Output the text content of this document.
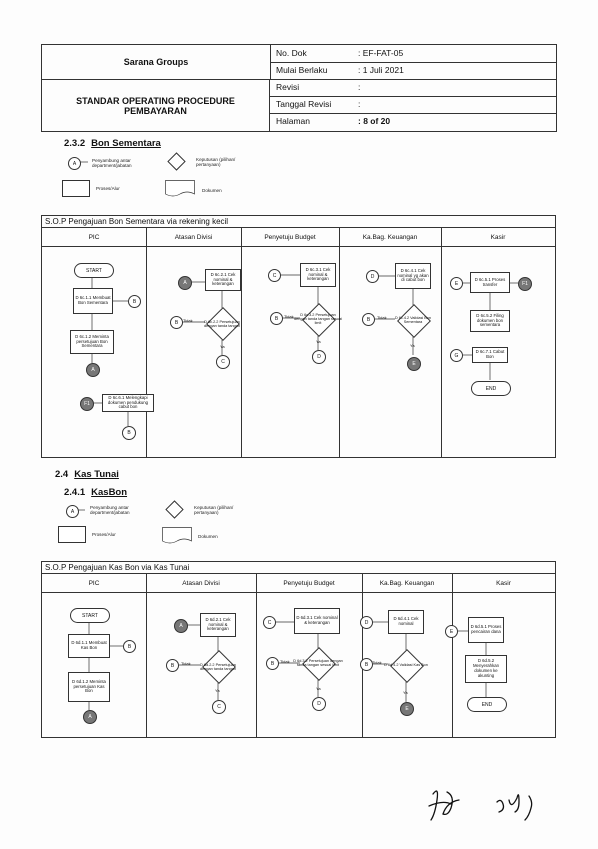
Sarana Groups
STANDAR OPERATING PROCEDURE PEMBAYARAN
No. Dok	: EF-FAT-05
Mulai Berlaku	: 1 Juli 2021
Revisi	:
Tanggal Revisi	:
Halaman	: 8 of 20
2.3.2 Bon Sementara
A	Penyambung antar department/jabatan
Keputusan (pilihan/ pertanyaan)
Proses/Alur	Dokumen
S.O.P Pengajuan Bon Sementara via rekening kecil
PIC	Atasan Divisi	Penyetuju Budget	Ka.Bag. Keuangan	Kasir
START
D 6c.1.1 Membuat Bon Sementara	B
D 6c.1.2 Meminta persetujuan Bon Sementara
A
F1
D 6c.6.1 Melengkapi dokumen pendukung cabut bon
B
A
D 6c.2.1 Cek nominal & keterangan
D 6c.2.2 Persetujuan dengan tanda tangan
B	Tidak
Ya
C
C
D 6c.3.1 Cek nominal & keterangan
D 6c.3.2 Persetujuan dengan tanda tangan sesuai limit
B	Tidak
Ya
D
D
D 6c.4.1 Cek nominal yg akan di cabut bon
D 6c.4.2 Validasi Bon Sementara
B	Tidak
Ya
E
E
D 6c.5.1 Proses transfer	F1
D 6c.5.2 Filing dokumen bon sementara
G
D 6c.7.1 Cabut Bon
END
2.4 Kas Tunai
2.4.1 KasBon
A
Penyambung antar department/jabatan
Keputusan (pilihan/ pertanyaan)
Proses/Alur	Dokumen
S.O.P Pengajuan Kas Bon via Kas Tunai
PIC	Atasan Divisi	Penyetuju Budget	Ka.Bag. Keuangan	Kasir
START
D 6d.1.1 Membuat Kas Bon	B
D 6d.1.2 Meminta persetujuan Kas Bon
A
A
D 6d.2.1 Cek nominal & keterangan
D 6d.2.2 Persetujuan dengan tanda tangan
B	Tidak
Ya
C
C
D 6d.3.1 Cek nominal & keterangan
D 6d.3.2 Persetujuan dengan tanda tangan sesuai limit
B	Tidak
Ya
D
D
D 6d.4.1 Cek nominal
D 6d.4.2 Validasi Kas Bon
B Tidak
Ya
E
E
D 6d.5.1 Proses pencairan dana
D 6d.5.2 Menyerahkan dokumen ke akunting
END
